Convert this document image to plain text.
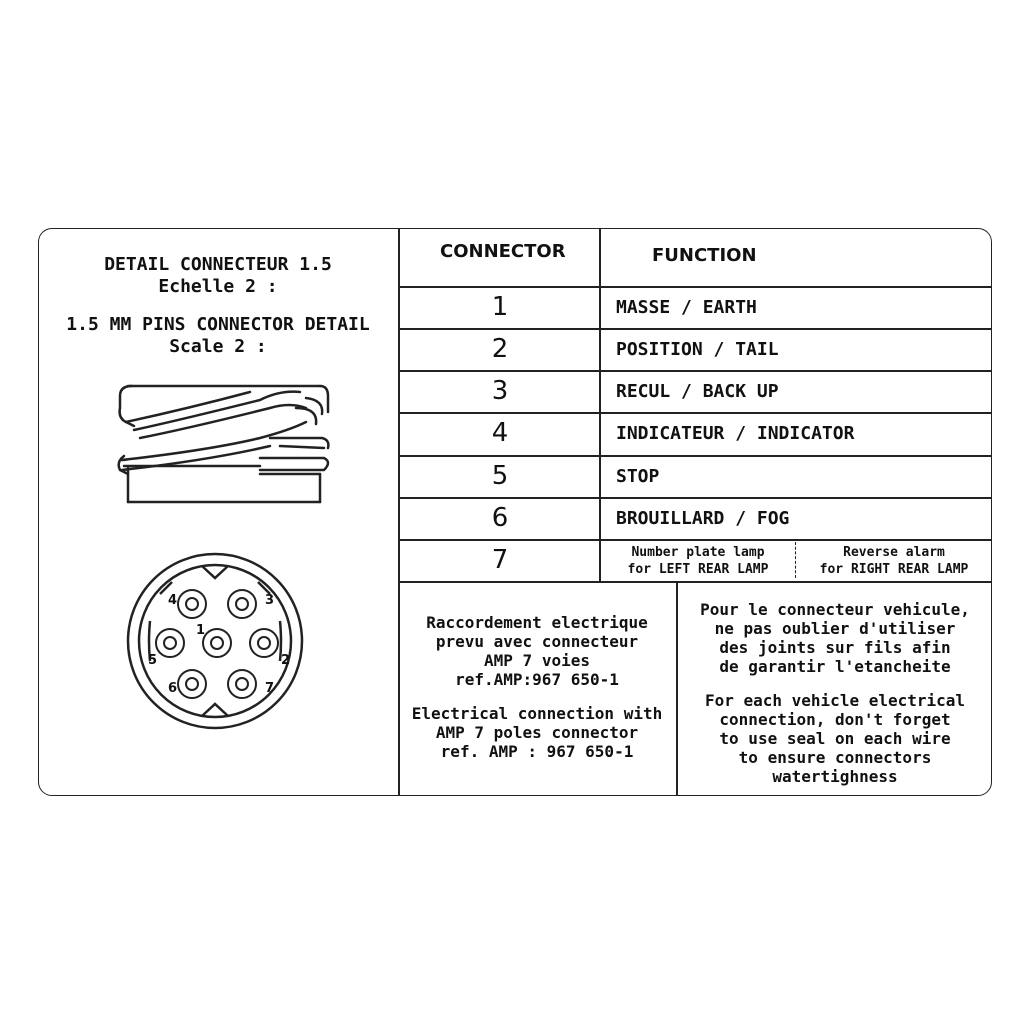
DETAIL CONNECTEUR 1.5
Echelle 2 :
1.5 MM PINS CONNECTOR DETAIL
Scale 2 :
1
2
3
4
5
6	7
CONNECTOR	FUNCTION
1	MASSE / EARTH
2	POSITION / TAIL
3	RECUL / BACK UP
4	INDICATEUR / INDICATOR
5	STOP
6	BROUILLARD / FOG
7	Number plate lamp
for LEFT REAR LAMP
Reverse alarm
for RIGHT REAR LAMP
Raccordement electrique
prevu avec connecteur
AMP 7 voies
ref.AMP:967 650-1
Electrical connection with
AMP 7 poles connector
ref. AMP : 967 650-1
Pour le connecteur vehicule,
ne pas oublier d'utiliser
des joints sur fils afin
de garantir l'etancheite
For each vehicle electrical
connection, don't forget
to use seal on each wire
to ensure connectors
watertighness
